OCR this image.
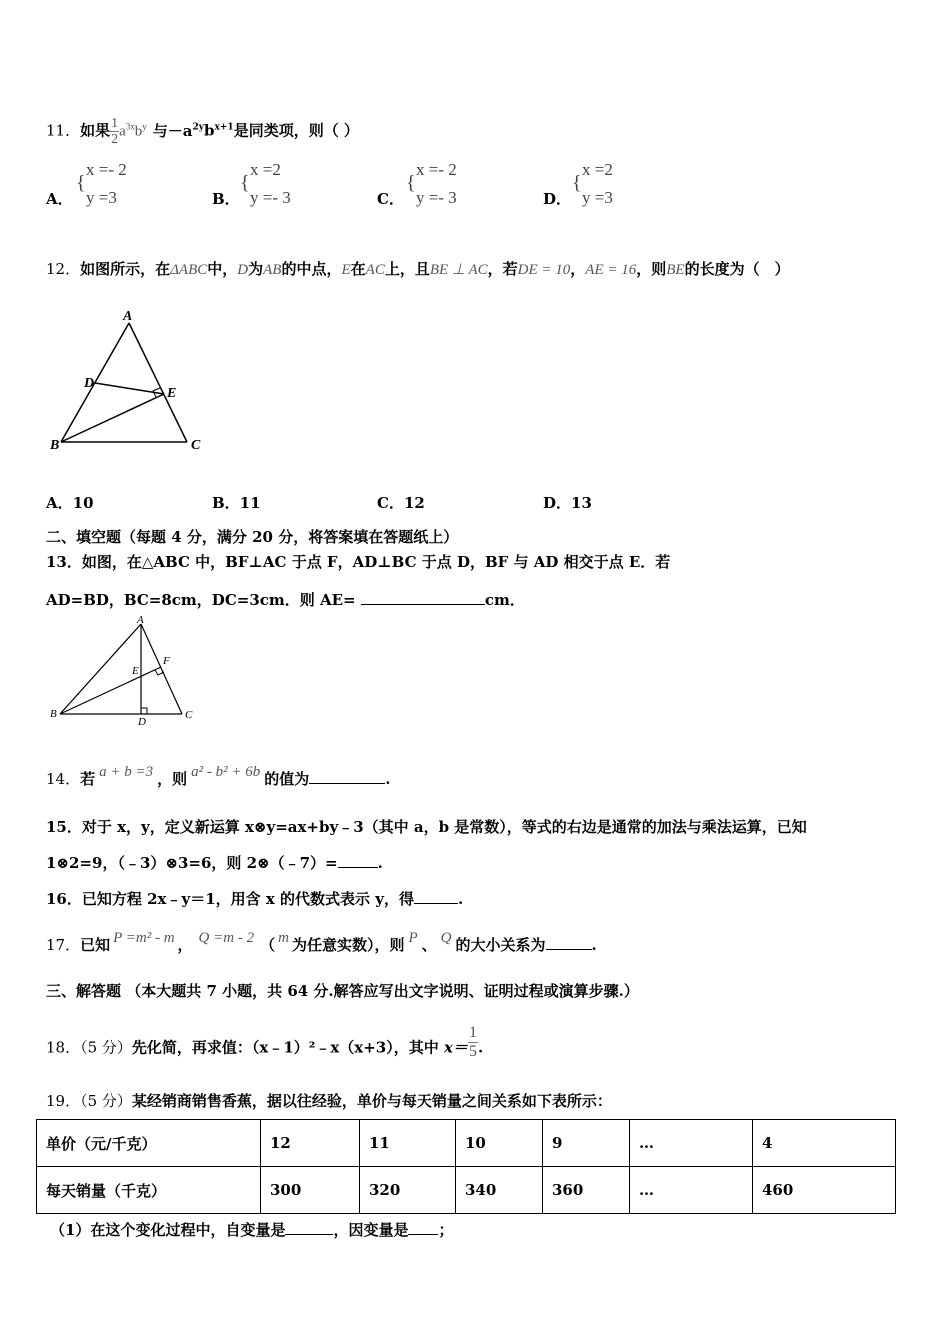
11．如果 $\frac{1}{2} a^{3x}b^y$ 与$-a^{2y}b^{x+1}$是同类项，则（ ）
A．
{
x =- 2
y =3	B．
{
x =2
y =- 3	C．
{
x =- 2
y =- 3	D．
{
x =2
y =3
12．如图所示，在ΔABC中，D为AB的中点，E在AC上，且BE ⊥ AC，若DE = 10，AE = 16，则BE的长度为（　）
A
B	C
D
E
A．10	B．11	C．12	D．13
二、填空题（每题 4 分，满分 20 分，将答案填在答题纸上）
13．如图，在△ABC 中，BF⊥AC 于点 F，AD⊥BC 于点 D，BF 与 AD 相交于点 E．若
AD=BD，BC=8cm，DC=3cm．则 AE=	cm．
A
B	C
D
E
F
14．若 a + b =3 ，则 a² - b² + 6b 的值为	.
15．对于 x，y，定义新运算 x⊗y=ax+by﹣3（其中 a，b 是常数），等式的右边是通常的加法与乘法运算，已知
1⊗2=9，（﹣3）⊗3=6，则 2⊗（﹣7）=	.
16．已知方程 2x﹣y＝1，用含 x 的代数式表示 y，得	.
17．已知 P =m² - m ， Q =m - 2 （ m 为任意实数），则 P 、 Q 的大小关系为	.
三、解答题 （本大题共 7 小题，共 64 分.解答应写出文字说明、证明过程或演算步骤.）
18．（5 分）先化简，再求值：（x﹣1）²﹣x（x+3），其中 $x= \frac{1}{5}$ .
19．（5 分）某经销商销售香蕉，据以往经验，单价与每天销量之间关系如下表所示：
单价（元/千克）	12	11	10	9	…	4
每天销量（千克）	300	320	340	360	…	460
（1）在这个变化过程中，自变量是	，因变量是 ；
